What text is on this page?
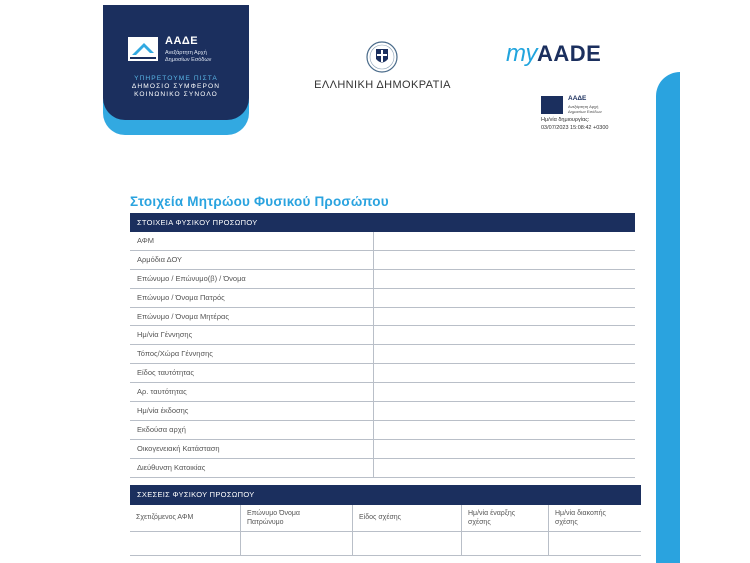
ΑΑΔΕ
Ανεξάρτητη Αρχή Δημοσίων Εσόδων
ΥΠΗΡΕΤΟΥΜΕ ΠΙΣΤΑ
ΔΗΜΟΣΙΟ ΣΥΜΦΕΡΟΝ
ΚΟΙΝΩΝΙΚΟ ΣΥΝΟΛΟ
ΕΛΛΗΝΙΚΗ ΔΗΜΟΚΡΑΤΙΑ
myAADE
ΑΑΔΕ
Ανεξάρτητη Αρχή Δημοσίων Εσόδων
Ημ/νία δημιουργίας:
03/07/2023 15:08:42 +0300
Στοιχεία Μητρώου Φυσικού Προσώπου
ΣΤΟΙΧΕΙΑ ΦΥΣΙΚΟΥ ΠΡΟΣΩΠΟΥ
ΑΦΜ
Αρμόδια ΔΟΥ
Επώνυμο / Επώνυμο(β) / Όνομα
Επώνυμο / Όνομα Πατρός
Επώνυμο / Όνομα Μητέρας
Ημ/νία Γέννησης
Τόπος/Χώρα Γέννησης
Είδος ταυτότητας
Αρ. ταυτότητας
Ημ/νία έκδοσης
Εκδούσα αρχή
Οικογενειακή Κατάσταση
Διεύθυνση Κατοικίας
ΣΧΕΣΕΙΣ ΦΥΣΙΚΟΥ ΠΡΟΣΩΠΟΥ
Σχετιζόμενος ΑΦΜ
Επώνυμο Όνομα Πατρώνυμο
Είδος σχέσης
Ημ/νία έναρξης σχέσης
Ημ/νία διακοπής σχέσης
